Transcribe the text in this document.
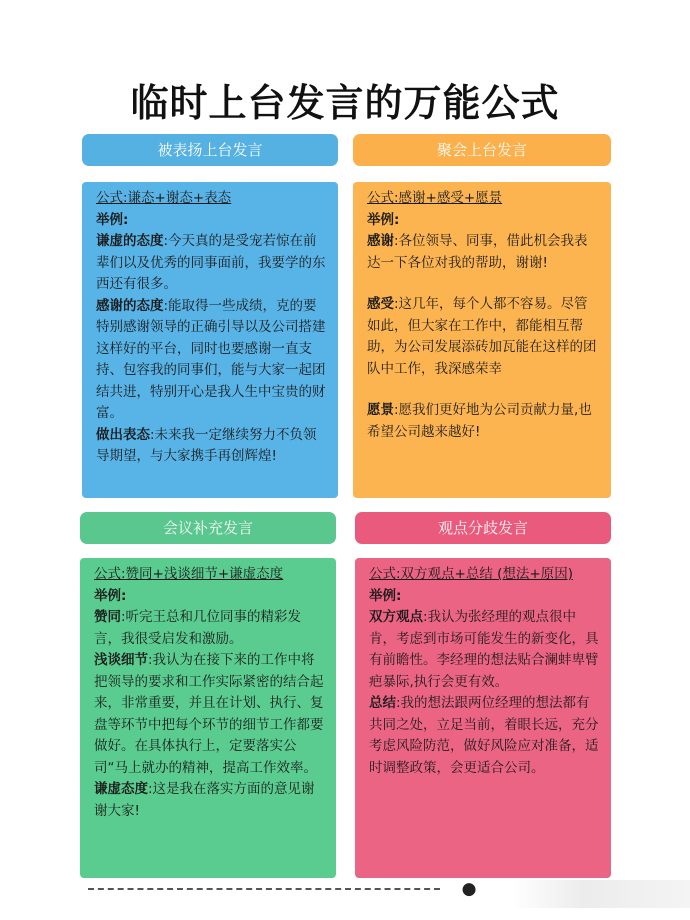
临时上台发言的万能公式
被表扬上台发言

公式:谦态+谢态+表态

举例:

谦虚的态度:今天真的是受宠若惊在前辈们以及优秀的同事面前，我要学的东西还有很多。

感谢的态度:能取得一些成绩，克的要特别感谢领导的正确引导以及公司搭建这样好的平台，同时也要感谢一直支持、包容我的同事们，能与大家一起团结共进，特别开心是我人生中宝贵的财富。

做出表态:未来我一定继续努力不负领导期望，与大家携手再创辉煌!

聚会上台发言

公式:感谢+感受+愿景

举例:

感谢:各位领导、同事，借此机会我表达一下各位对我的帮助，谢谢!

感受:这几年，每个人都不容易。尽管如此，但大家在工作中，都能相互帮助，为公司发展添砖加瓦能在这样的团队中工作，我深感荣幸

愿景:愿我们更好地为公司贡献力量,也希望公司越来越好!

会议补充发言

公式:赞同+浅谈细节+谦虚态度

举例:

赞同:听完王总和几位同事的精彩发言，我很受启发和激励。

浅谈细节:我认为在接下来的工作中将把领导的要求和工作实际紧密的结合起来，非常重要，并且在计划、执行、复盘等环节中把每个环节的细节工作都要做好。在具体执行上，定要落实公司“马上就办的精神，提高工作效率。

谦虚态度:这是我在落实方面的意见谢谢大家!

观点分歧发言

公式:双方观点+总结 (想法+原因)

举例:

双方观点:我认为张经理的观点很中肯，考虑到市场可能发生的新变化，具有前瞻性。李经理的想法贴合澜蚌卑臂疤暴际,执行会更有效。

总结:我的想法跟两位经理的想法都有共同之处，立足当前，着眼长远，充分考虑风险防范，做好风险应对准备，适时调整政策，会更适合公司。

●
